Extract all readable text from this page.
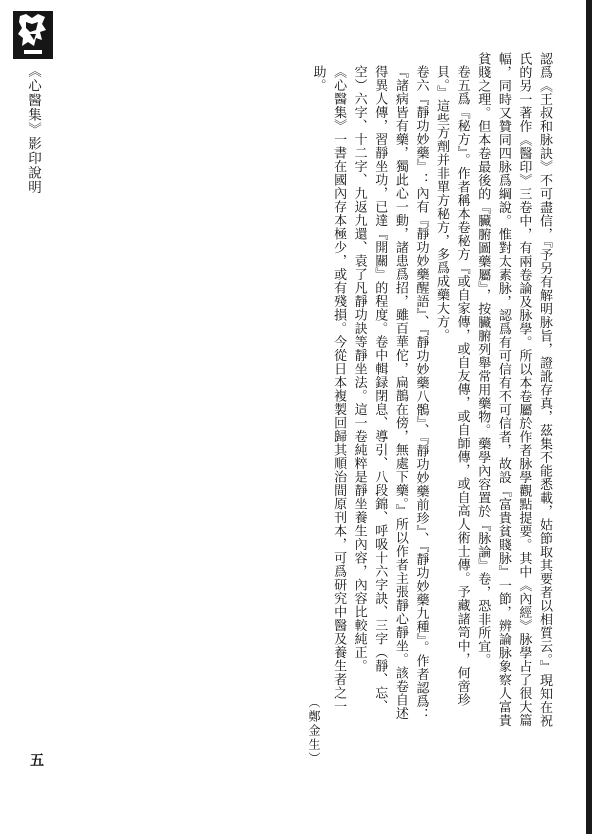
《心醫集》影印說明	認爲《王叔和脉訣》不可盡信，『予另有解明脉旨，證訛存真，茲集不能悉載，姑節取其要者以相質云。』現知在祝氏的另一著作《醫印》三卷中，有兩卷論及脉學。所以本卷屬於作者脉學觀點提要。其中《內經》脉學占了很大篇幅，同時又贊同四脉爲綱說。惟對太素脉，認爲有可信有不可信者，故設『富貴貧賤脉』一節，辨論脉象察人富貴貧賤之理。但本卷最後的『臟腑圖藥屬』，按臟腑列舉常用藥物。藥學內容置於『脉論』卷，恐非所宜。

卷五爲『秘方』。作者稱本卷秘方『或自家傳，或自友傳，或自師傳，或自高人術士傳。予藏諸笥中，何啻珍貝。』這些方劑并非單方秘方，多爲成藥大方。

卷六『靜功妙藥』：內有『靜功妙藥醒語』、『靜功妙藥八鶻』、『靜功妙藥前珍』、『靜功妙藥九種』。作者認爲：『諸病皆有藥，獨此心一動，諸患爲招，雖百華佗，扁鵲在傍，無處下藥。』所以作者主張靜心靜坐。該卷自述得異人傳，習靜坐功，已達『開關』的程度。卷中輯録閉息、導引、八段錦、呼吸十六字訣、三字（靜、忘、空）六字、十二字、九返九還、袁了凡靜功訣等靜坐法。這一卷純粹是靜坐養生內容，內容比較純正。

《心醫集》一書在國內存本極少，或有殘損。今從日本複製回歸其順治間原刊本，可爲研究中醫及養生者之一助。

（鄭金生）
五
